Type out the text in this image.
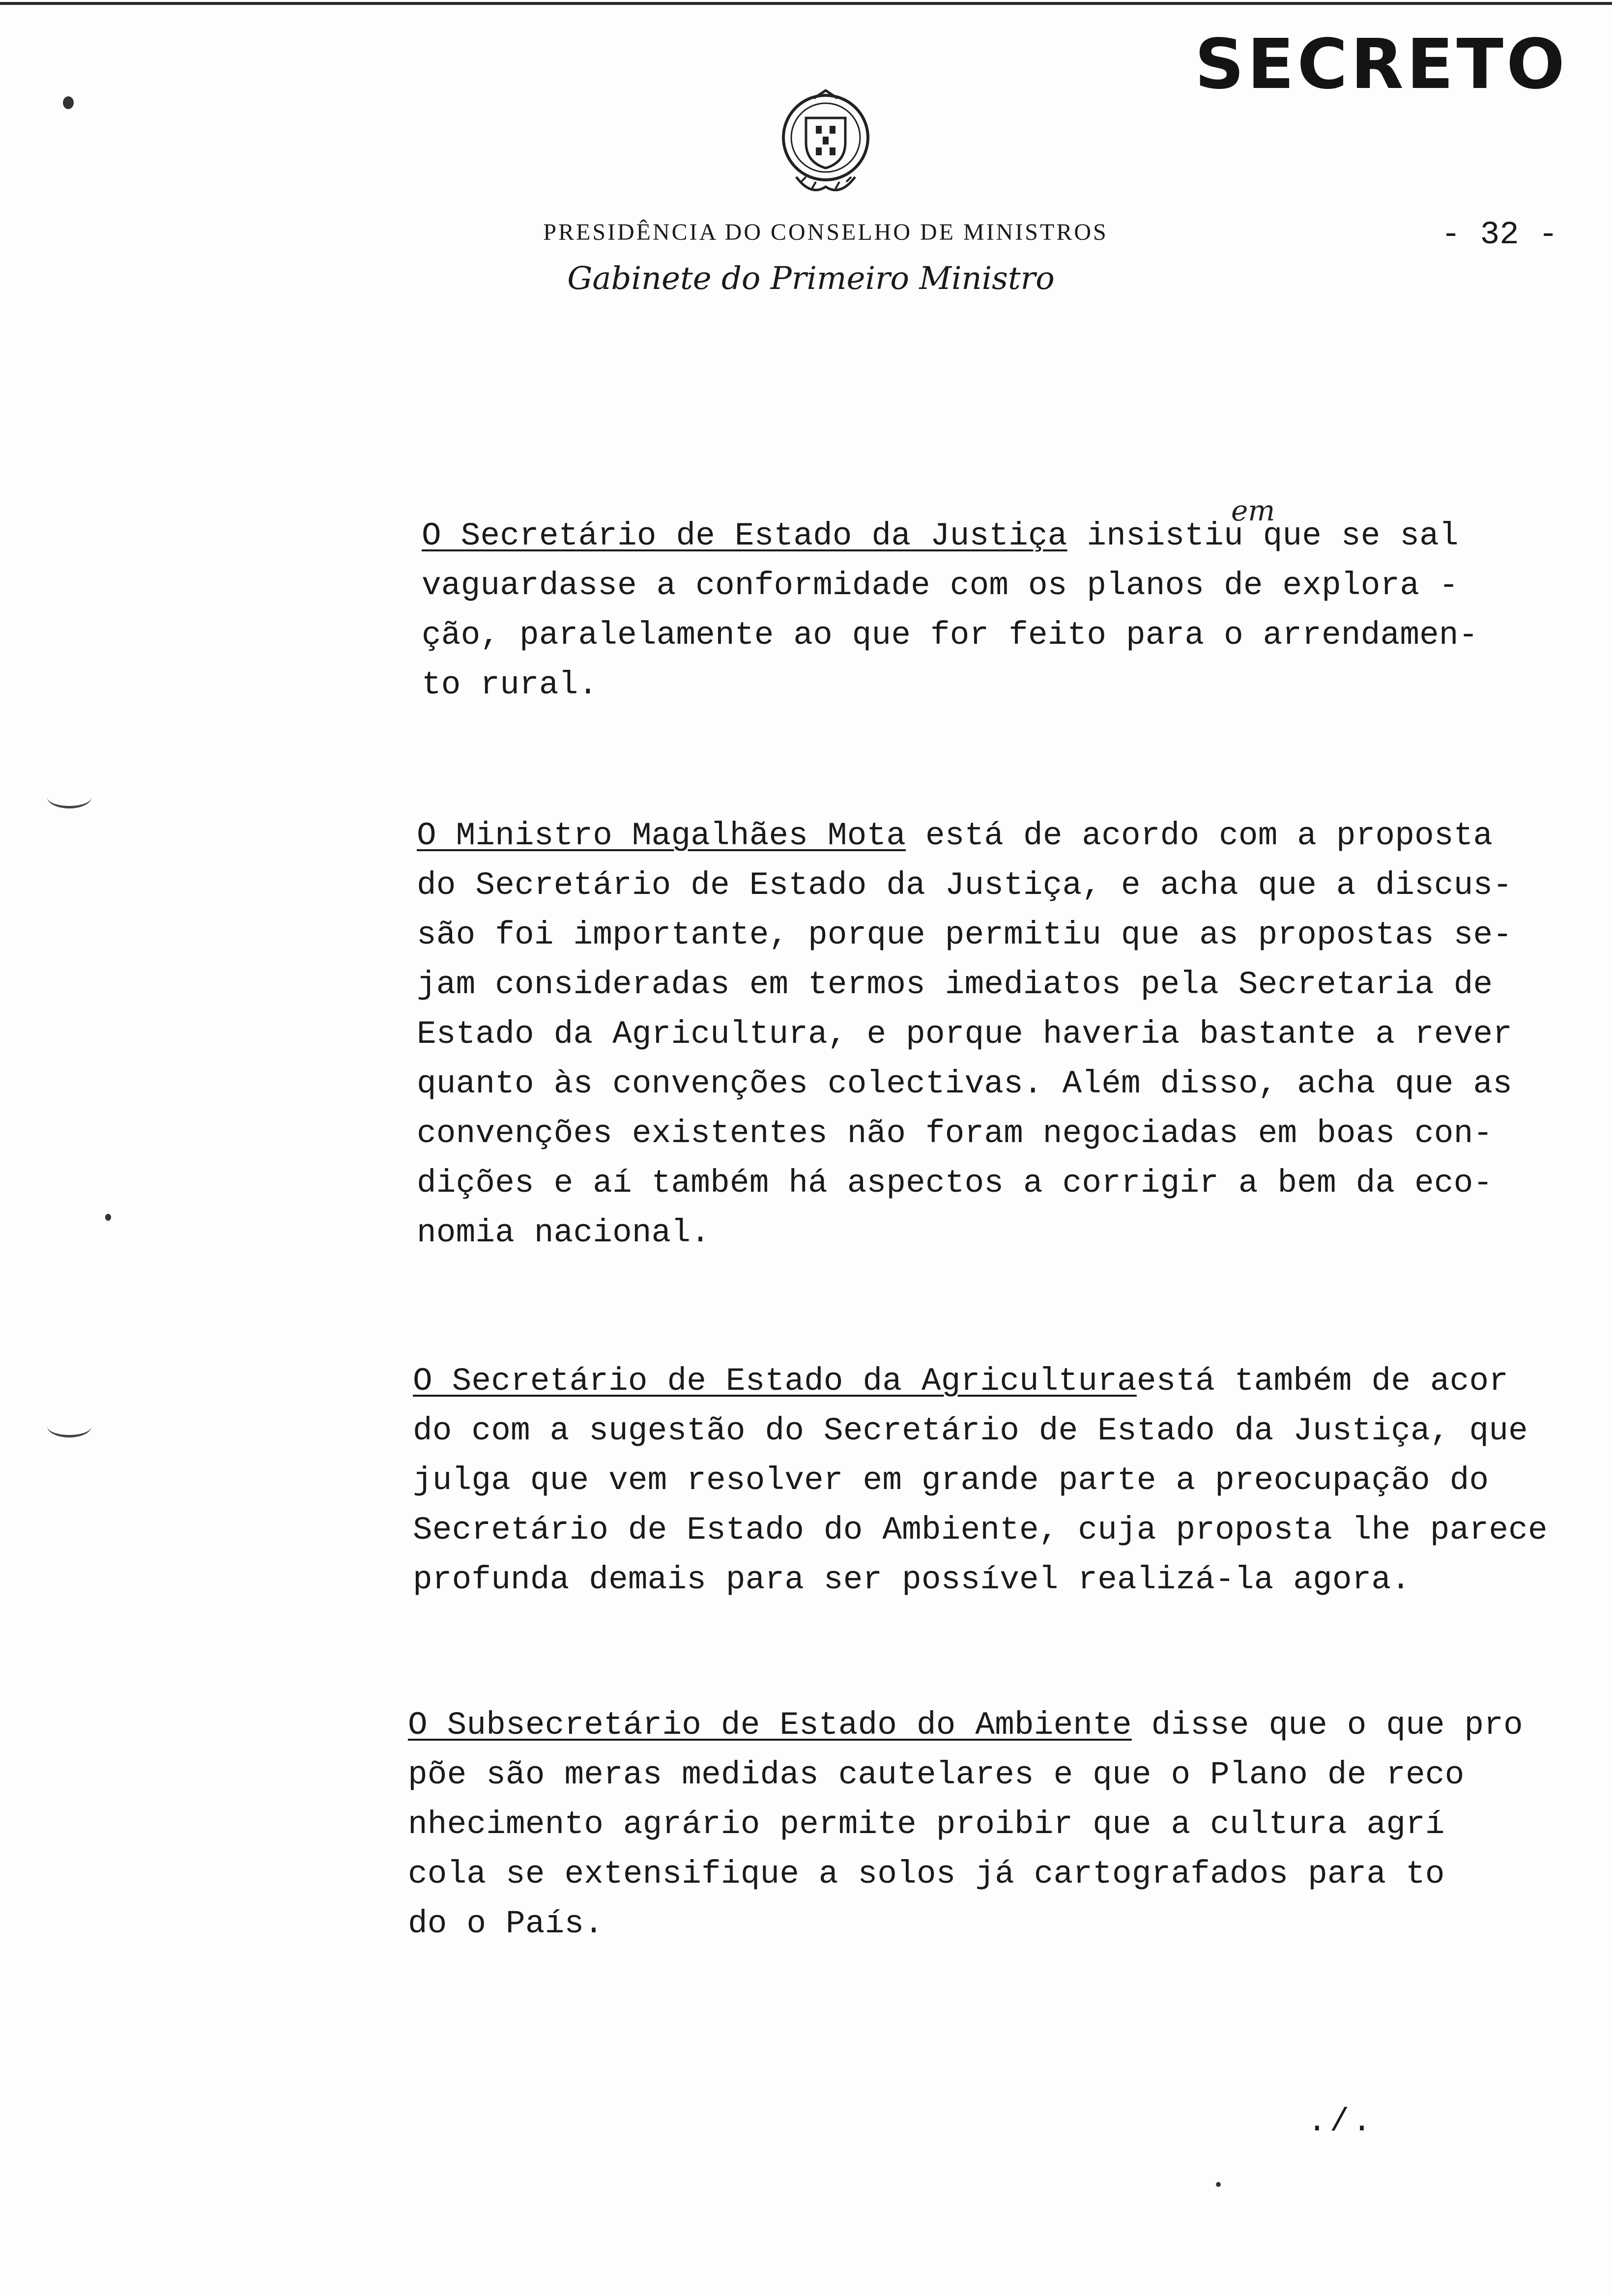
SECRETO
PRESIDÊNCIA DO CONSELHO DE MINISTROS
Gabinete do Primeiro Ministro
- 32 -
em
O Secretário de Estado da Justiça insistiu que se sal
vaguardasse a conformidade com os planos de explora -
ção, paralelamente ao que for feito para o arrendamen-
to rural.
O Ministro Magalhães Mota está de acordo com a proposta
do Secretário de Estado da Justiça, e acha que a discus-
são foi importante, porque permitiu que as propostas se-
jam consideradas em termos imediatos pela Secretaria de
Estado da Agricultura, e porque haveria bastante a rever
quanto às convenções colectivas. Além disso, acha que as
convenções existentes não foram negociadas em boas con-
dições e aí também há aspectos a corrigir a bem da eco-
nomia nacional.
O Secretário de Estado da Agriculturaestá também de acor
do com a sugestão do Secretário de Estado da Justiça, que
julga que vem resolver em grande parte a preocupação do
Secretário de Estado do Ambiente, cuja proposta lhe parece
profunda demais para ser possível realizá-la agora.
O Subsecretário de Estado do Ambiente disse que o que pro
põe são meras medidas cautelares e que o Plano de reco
nhecimento agrário permite proibir que a cultura agrí
cola se extensifique a solos já cartografados para to
do o País.
./.
